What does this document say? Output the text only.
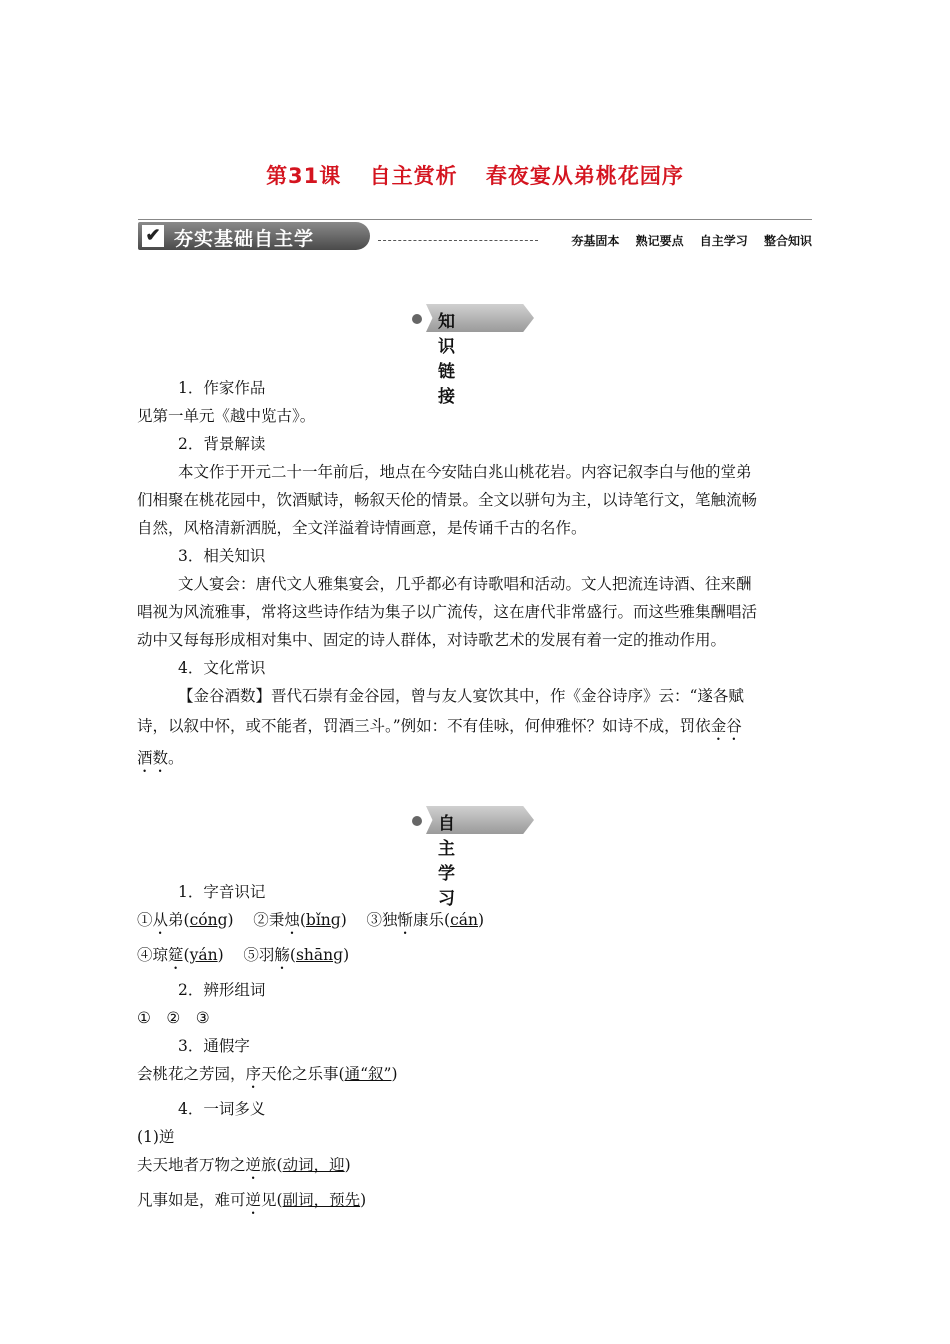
第31课 自主赏析 春夜宴从弟桃花园序
✔ 夯实基础自主学	夯基固本 熟记要点 自主学习 整合知识
知识链接
1．作家作品
见第一单元《越中览古》。
2．背景解读
本文作于开元二十一年前后，地点在今安陆白兆山桃花岩。内容记叙李白与他的堂弟
们相聚在桃花园中，饮酒赋诗，畅叙天伦的情景。全文以骈句为主，以诗笔行文，笔触流畅
自然，风格清新洒脱，全文洋溢着诗情画意，是传诵千古的名作。
3．相关知识
文人宴会：唐代文人雅集宴会，几乎都必有诗歌唱和活动。文人把流连诗酒、往来酬
唱视为风流雅事，常将这些诗作结为集子以广流传，这在唐代非常盛行。而这些雅集酬唱活
动中又每每形成相对集中、固定的诗人群体，对诗歌艺术的发展有着一定的推动作用。
4．文化常识
【金谷酒数】晋代石崇有金谷园，曾与友人宴饮其中，作《金谷诗序》云：“遂各赋
诗，以叙中怀，或不能者，罚酒三斗。”例如：不有佳咏，何伸雅怀？如诗不成，罚依金谷
酒数。
自主学习
1．字音识记
①从弟(cóng)    ②秉烛(bǐnɡ)    ③独惭康乐(cán)
④琼筵(yán)    ⑤羽觞(shānɡ)
2．辨形组词
①　②　③
3．通假字
会桃花之芳园，序天伦之乐事(通“叙”)
4．一词多义
(1)逆
夫天地者万物之逆旅(动词，迎)
凡事如是，难可逆见(副词，预先)
